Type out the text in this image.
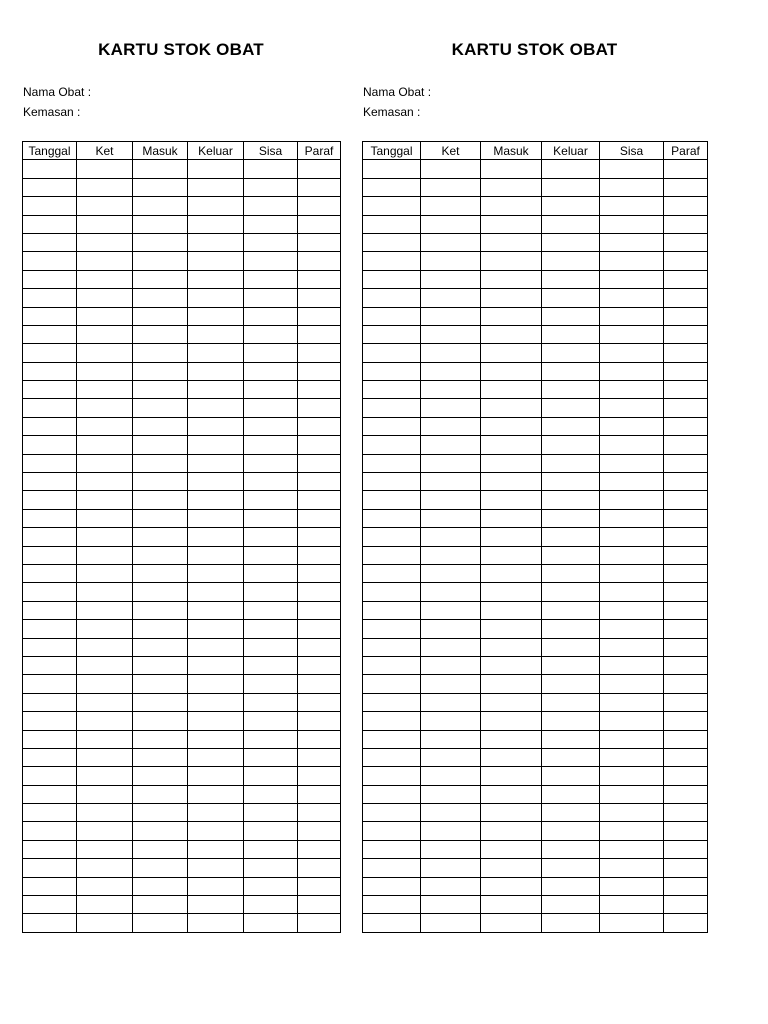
KARTU STOK OBAT
Nama Obat :
Kemasan :
Tanggal	Ket	Masuk	Keluar	Sisa	Paraf

KARTU STOK OBAT
Nama Obat :
Kemasan :
Tanggal	Ket	Masuk	Keluar	Sisa	Paraf
